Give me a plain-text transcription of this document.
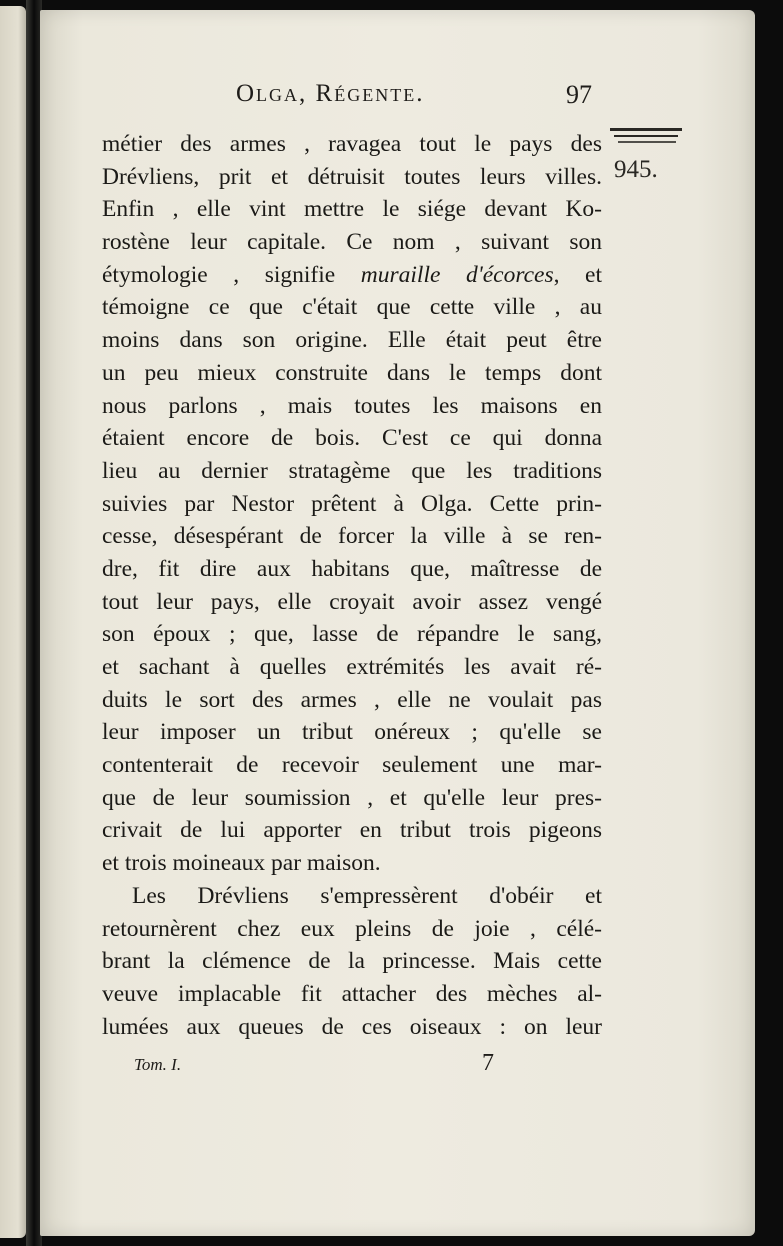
Olga, Régente.	97
945.
métier des armes , ravagea tout le pays des
Drévliens, prit et détruisit toutes leurs villes.
Enfin , elle vint mettre le siége devant Ko-
rostène leur capitale. Ce nom , suivant son
étymologie , signifie muraille d'écorces, et
témoigne ce que c'était que cette ville , au
moins dans son origine. Elle était peut être
un peu mieux construite dans le temps dont
nous parlons , mais toutes les maisons en
étaient encore de bois. C'est ce qui donna
lieu au dernier stratagème que les traditions
suivies par Nestor prêtent à Olga. Cette prin-
cesse, désespérant de forcer la ville à se ren-
dre, fit dire aux habitans que, maîtresse de
tout leur pays, elle croyait avoir assez vengé
son époux ; que, lasse de répandre le sang,
et sachant à quelles extrémités les avait ré-
duits le sort des armes , elle ne voulait pas
leur imposer un tribut onéreux ; qu'elle se
contenterait de recevoir seulement une mar-
que de leur soumission , et qu'elle leur pres-
crivait de lui apporter en tribut trois pigeons
et trois moineaux par maison.
Les Drévliens s'empressèrent d'obéir et
retournèrent chez eux pleins de joie , célé-
brant la clémence de la princesse. Mais cette
veuve implacable fit attacher des mèches al-
lumées aux queues de ces oiseaux : on leur
Tom. I.	7
